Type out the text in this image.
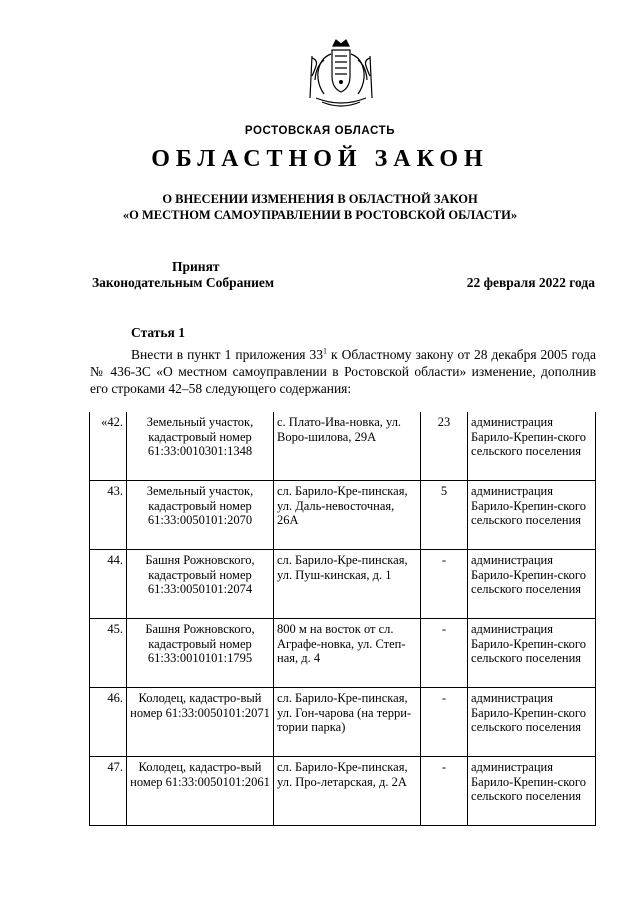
РОСТОВСКАЯ ОБЛАСТЬ
ОБЛАСТНОЙ ЗАКОН
О ВНЕСЕНИИ ИЗМЕНЕНИЯ В ОБЛАСТНОЙ ЗАКОН
«О МЕСТНОМ САМОУПРАВЛЕНИИ В РОСТОВСКОЙ ОБЛАСТИ»
Принят
Законодательным Собранием	22 февраля 2022 года
Статья 1
Внести в пункт 1 приложения $33^1$ к Областному закону от 28 декабря 2005 года № 436-ЗС «О местном самоуправлении в Ростовской области» изменение, дополнив его строками 42–58 следующего содержания:
«42.	Земельный участок, кадастровый номер 61:33:0010301:1348	с. Плато-Ива-новка, ул. Воро-шилова, 29А	23	администрация Барило-Крепин-ского сельского поселения
43.	Земельный участок, кадастровый номер 61:33:0050101:2070	сл. Барило-Кре-пинская, ул. Даль-невосточная, 26А	5	администрация Барило-Крепин-ского сельского поселения
44.	Башня Рожновского, кадастровый номер 61:33:0050101:2074	сл. Барило-Кре-пинская, ул. Пуш-кинская, д. 1	-	администрация Барило-Крепин-ского сельского поселения
45.	Башня Рожновского, кадастровый номер 61:33:0010101:1795	800 м на восток от сл. Аграфе-новка, ул. Степ-ная, д. 4	-	администрация Барило-Крепин-ского сельского поселения
46.	Колодец, кадастро-вый номер 61:33:0050101:2071	сл. Барило-Кре-пинская, ул. Гон-чарова (на терри-тории парка)	-	администрация Барило-Крепин-ского сельского поселения
47.	Колодец, кадастро-вый номер 61:33:0050101:2061	сл. Барило-Кре-пинская, ул. Про-летарская, д. 2А	-	администрация Барило-Крепин-ского сельского поселения
